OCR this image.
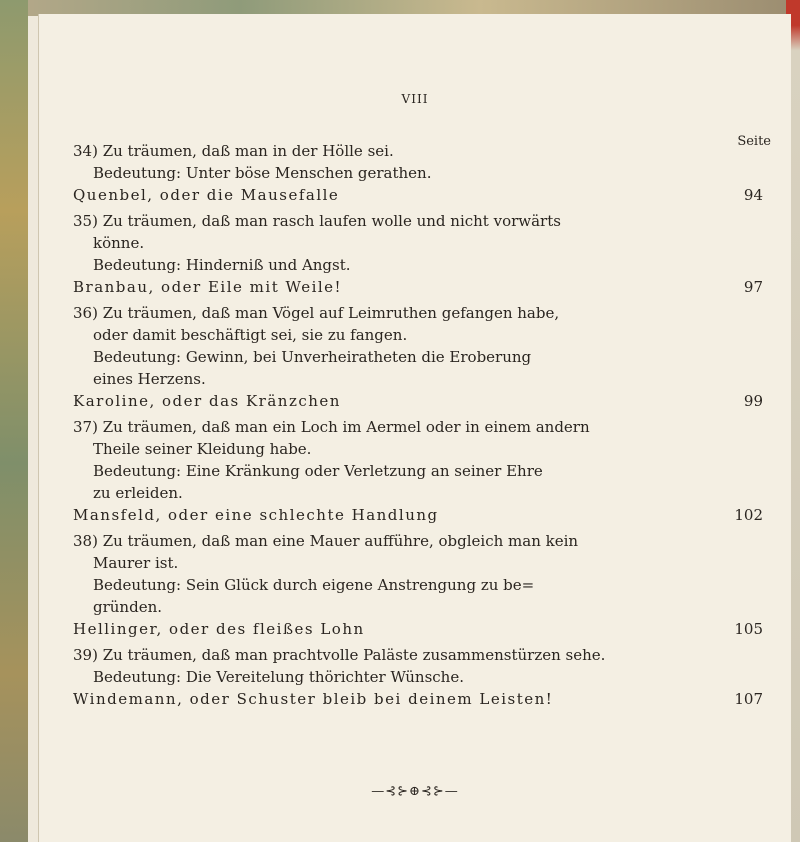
VIII
Seite
34) Zu träumen, daß man in der Hölle sei.
Bedeutung: Unter böse Menschen gerathen.
Quenbel, oder die Mausefalle	94
35) Zu träumen, daß man rasch laufen wolle und nicht vorwärts
könne.
Bedeutung: Hinderniß und Angst.
Branbau, oder Eile mit Weile!	97
36) Zu träumen, daß man Vögel auf Leimruthen gefangen habe,
oder damit beschäftigt sei, sie zu fangen.
Bedeutung: Gewinn, bei Unverheiratheten die Eroberung
eines Herzens.
Karoline, oder das Kränzchen	99
37) Zu träumen, daß man ein Loch im Aermel oder in einem andern
Theile seiner Kleidung habe.
Bedeutung: Eine Kränkung oder Verletzung an seiner Ehre
zu erleiden.
Mansfeld, oder eine schlechte Handlung	102
38) Zu träumen, daß man eine Mauer aufführe, obgleich man kein
Maurer ist.
Bedeutung: Sein Glück durch eigene Anstrengung zu be=
gründen.
Hellinger, oder des fleißes Lohn	105
39) Zu träumen, daß man prachtvolle Paläste zusammenstürzen sehe.
Bedeutung: Die Vereitelung thörichter Wünsche.
Windemann, oder Schuster bleib bei deinem Leisten!	107
—⊰⊱⊕⊰⊱—
